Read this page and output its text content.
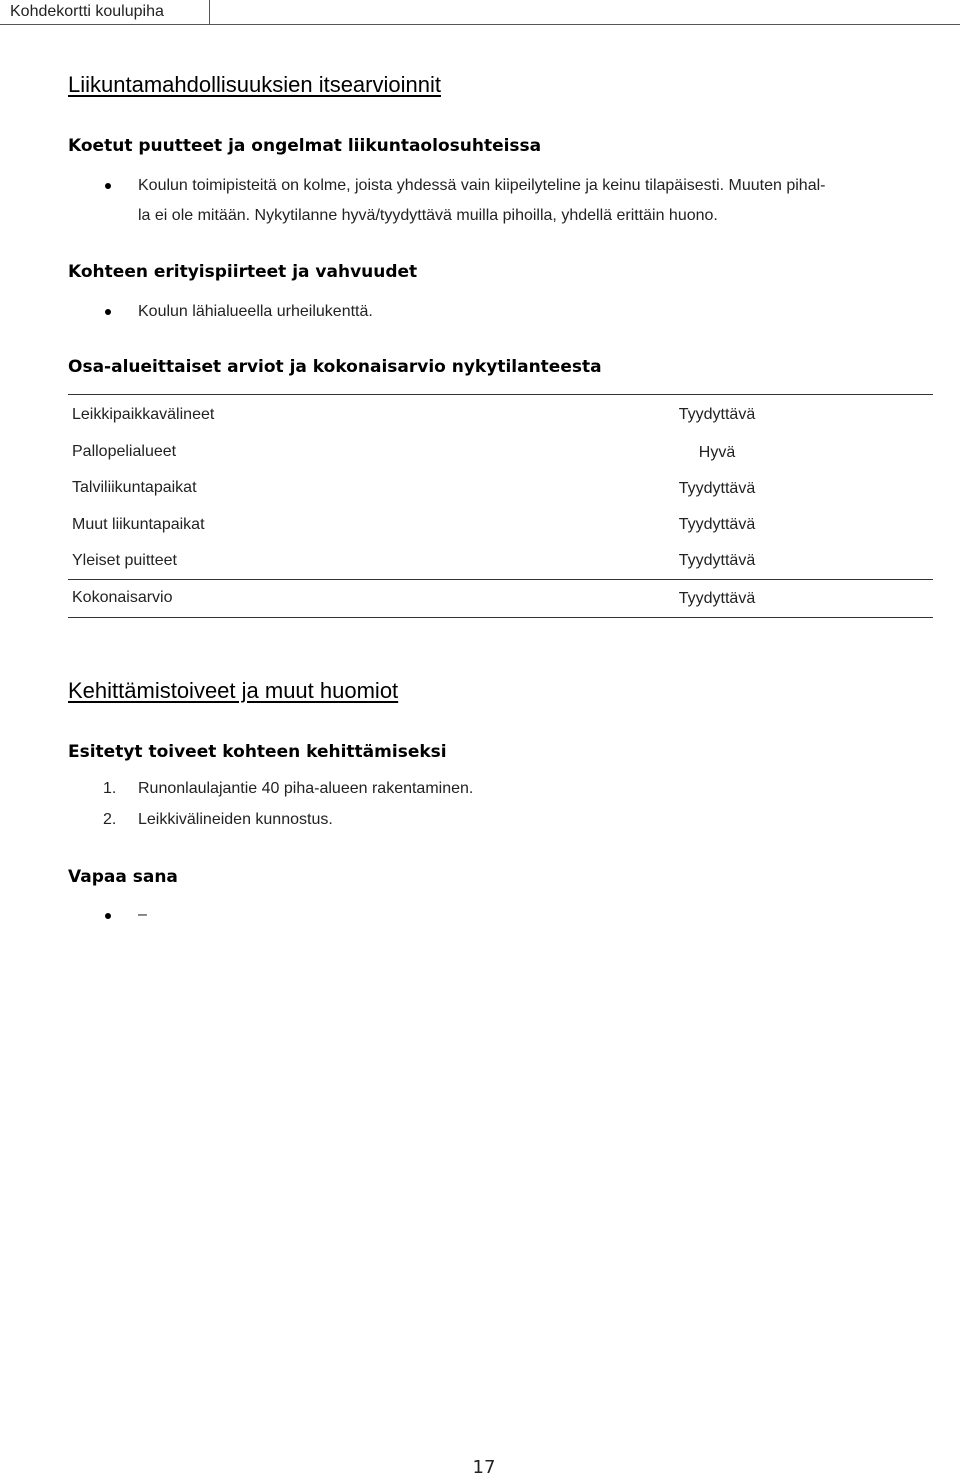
Kohdekortti koulupiha
Liikuntamahdollisuuksien itsearvioinnit
Koetut puutteet ja ongelmat liikuntaolosuhteissa
Koulun toimipisteitä on kolme, joista yhdessä vain kiipeilyteline ja keinu tilapäisesti. Muuten pihal-
la ei ole mitään. Nykytilanne hyvä/tyydyttävä muilla pihoilla, yhdellä erittäin huono.
Kohteen erityispiirteet ja vahvuudet
Koulun lähialueella urheilukenttä.
Osa-alueittaiset arviot ja kokonaisarvio nykytilanteesta
Leikkipaikkavälineet	Tyydyttävä
Pallopelialueet	Hyvä
Talviliikuntapaikat	Tyydyttävä
Muut liikuntapaikat	Tyydyttävä
Yleiset puitteet	Tyydyttävä
Kokonaisarvio	Tyydyttävä
Kehittämistoiveet ja muut huomiot
Esitetyt toiveet kohteen kehittämiseksi
1. Runonlaulajantie 40 piha-alueen rakentaminen.
2. Leikkivälineiden kunnostus.
Vapaa sana
–
17
